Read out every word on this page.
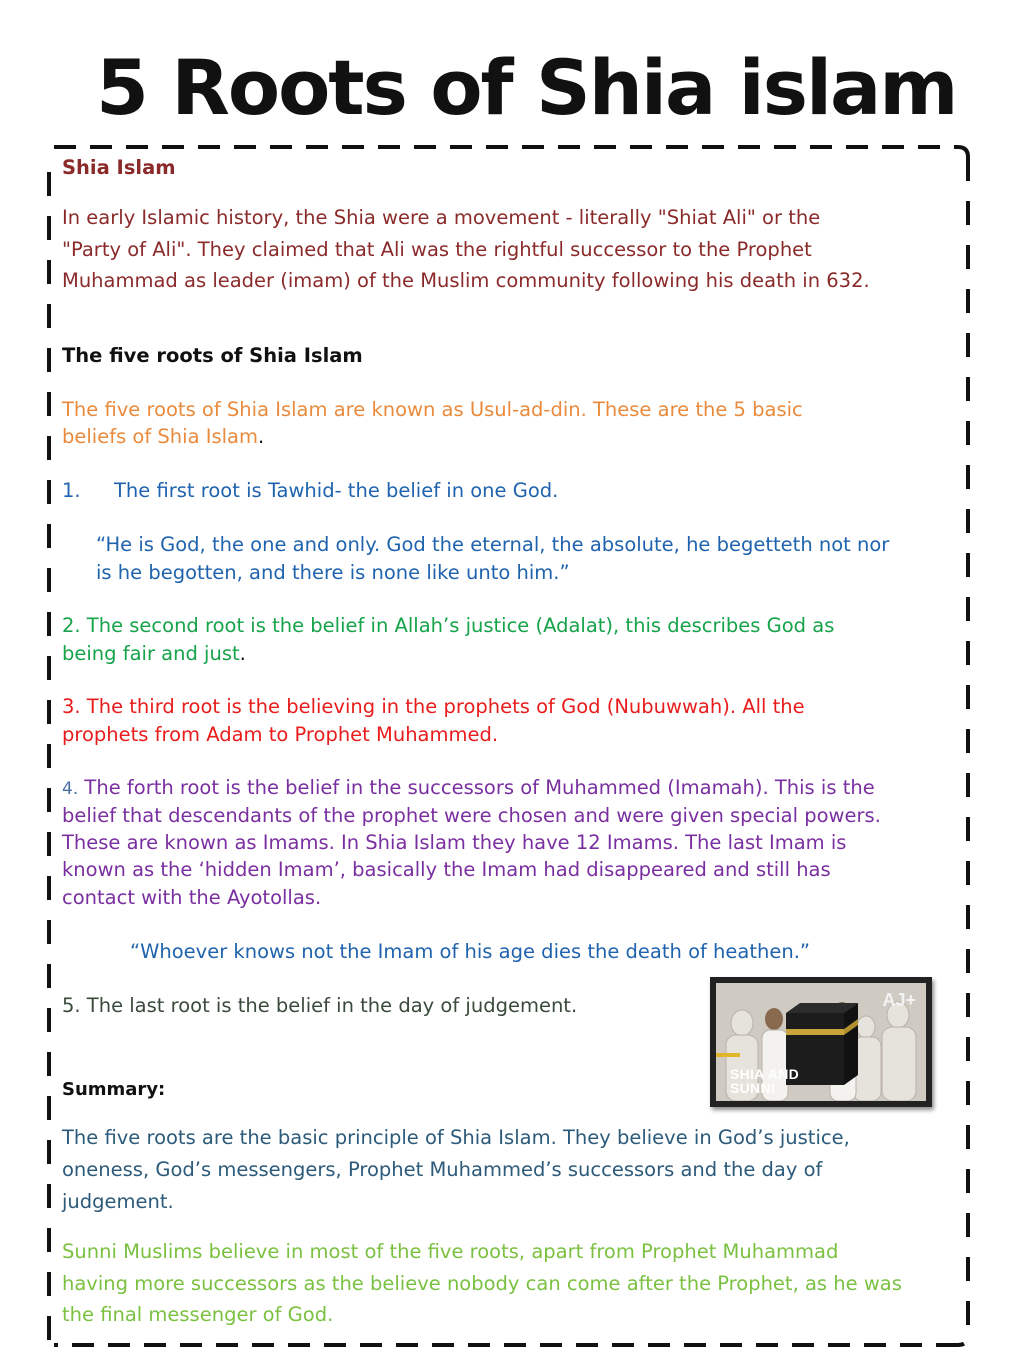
5 Roots of Shia islam
Shia Islam
In early Islamic history, the Shia were a movement - literally "Shiat Ali" or the
"Party of Ali". They claimed that Ali was the rightful successor to the Prophet
Muhammad as leader (imam) of the Muslim community following his death in 632.
The five roots of Shia Islam
The five roots of Shia Islam are known as Usul-ad-din. These are the 5 basic
beliefs of Shia Islam.
1. The first root is Tawhid- the belief in one God.
“He is God, the one and only. God the eternal, the absolute, he begetteth not nor
is he begotten, and there is none like unto him.”
2. The second root is the belief in Allah’s justice (Adalat), this describes God as
being fair and just.
3. The third root is the believing in the prophets of God (Nubuwwah). All the
prophets from Adam to Prophet Muhammed.
4. The forth root is the belief in the successors of Muhammed (Imamah). This is the
belief that descendants of the prophet were chosen and were given special powers.
These are known as Imams. In Shia Islam they have 12 Imams. The last Imam is
known as the ‘hidden Imam’, basically the Imam had disappeared and still has
contact with the Ayotollas.
“Whoever knows not the Imam of his age dies the death of heathen.”
5. The last root is the belief in the day of judgement.	AJ+
SHIA AND
SUNNI
Summary:
The five roots are the basic principle of Shia Islam. They believe in God’s justice,
oneness, God’s messengers, Prophet Muhammed’s successors and the day of
judgement.
Sunni Muslims believe in most of the five roots, apart from Prophet Muhammad
having more successors as the believe nobody can come after the Prophet, as he was
the final messenger of God.
